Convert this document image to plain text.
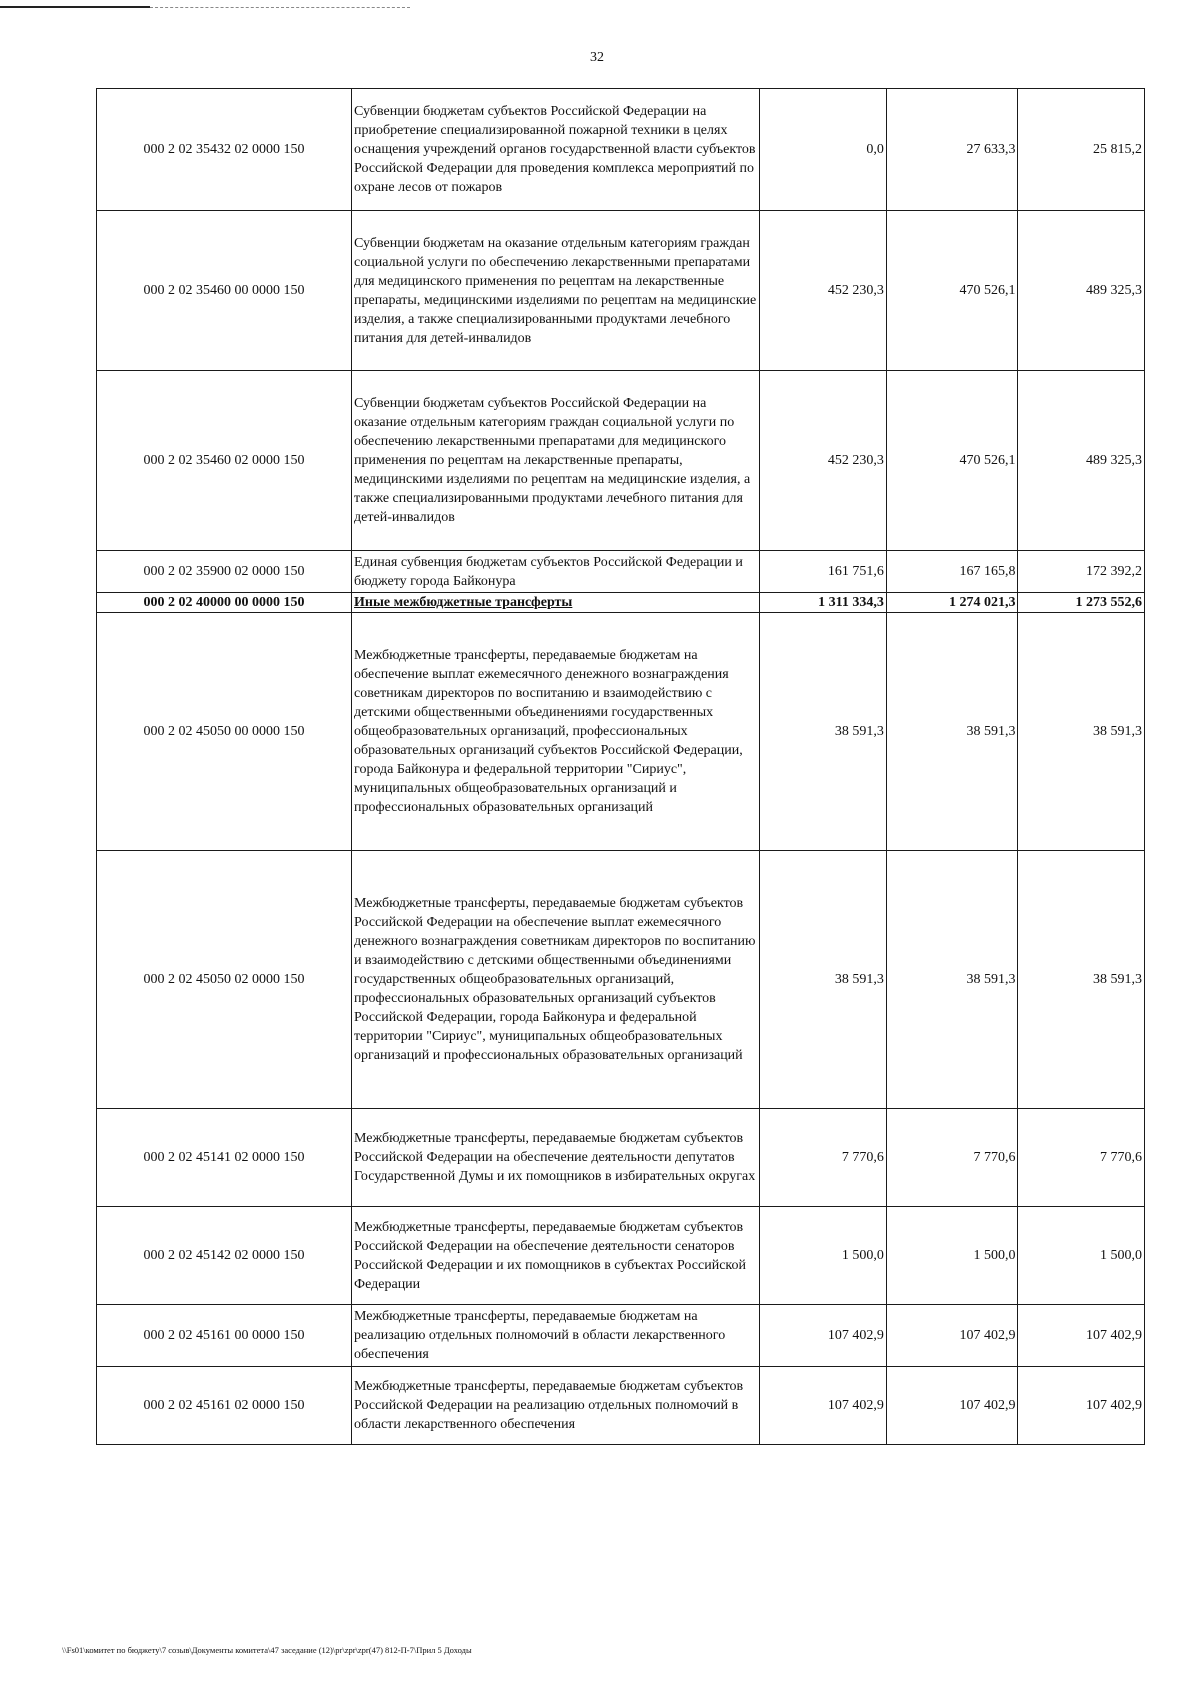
32
000 2 02 35432 02 0000 150	Субвенции бюджетам субъектов Российской Федерации на приобретение специализированной пожарной техники в целях оснащения учреждений органов государственной власти субъектов Российской Федерации для проведения комплекса мероприятий по охране лесов от пожаров	0,0	27 633,3	25 815,2
000 2 02 35460 00 0000 150	Субвенции бюджетам на оказание отдельным категориям граждан социальной услуги по обеспечению лекарственными препаратами для медицинского применения по рецептам на лекарственные препараты, медицинскими изделиями по рецептам на медицинские изделия, а также специализированными продуктами лечебного питания для детей-инвалидов	452 230,3	470 526,1	489 325,3
000 2 02 35460 02 0000 150	Субвенции бюджетам субъектов Российской Федерации на оказание отдельным категориям граждан социальной услуги по обеспечению лекарственными препаратами для медицинского применения по рецептам на лекарственные препараты, медицинскими изделиями по рецептам на медицинские изделия, а также специализированными продуктами лечебного питания для детей-инвалидов	452 230,3	470 526,1	489 325,3
000 2 02 35900 02 0000 150	Единая субвенция бюджетам субъектов Российской Федерации и бюджету города Байконура	161 751,6	167 165,8	172 392,2
000 2 02 40000 00 0000 150	Иные межбюджетные трансферты	1 311 334,3	1 274 021,3	1 273 552,6
000 2 02 45050 00 0000 150	Межбюджетные трансферты, передаваемые бюджетам на обеспечение выплат ежемесячного денежного вознаграждения советникам директоров по воспитанию и взаимодействию с детскими общественными объединениями государственных общеобразовательных организаций, профессиональных образовательных организаций субъектов Российской Федерации, города Байконура и федеральной территории "Сириус", муниципальных общеобразовательных организаций и профессиональных образовательных организаций	38 591,3	38 591,3	38 591,3
000 2 02 45050 02 0000 150	Межбюджетные трансферты, передаваемые бюджетам субъектов Российской Федерации на обеспечение выплат ежемесячного денежного вознаграждения советникам директоров по воспитанию и взаимодействию с детскими общественными объединениями государственных общеобразовательных организаций, профессиональных образовательных организаций субъектов Российской Федерации, города Байконура и федеральной территории "Сириус", муниципальных общеобразовательных организаций и профессиональных образовательных организаций	38 591,3	38 591,3	38 591,3
000 2 02 45141 02 0000 150	Межбюджетные трансферты, передаваемые бюджетам субъектов Российской Федерации на обеспечение деятельности депутатов Государственной Думы и их помощников в избирательных округах	7 770,6	7 770,6	7 770,6
000 2 02 45142 02 0000 150	Межбюджетные трансферты, передаваемые бюджетам субъектов Российской Федерации на обеспечение деятельности сенаторов Российской Федерации и их помощников в субъектах Российской Федерации	1 500,0	1 500,0	1 500,0
000 2 02 45161 00 0000 150	Межбюджетные трансферты, передаваемые бюджетам на реализацию отдельных полномочий в области лекарственного обеспечения	107 402,9	107 402,9	107 402,9
000 2 02 45161 02 0000 150	Межбюджетные трансферты, передаваемые бюджетам субъектов Российской Федерации на реализацию отдельных полномочий в области лекарственного обеспечения	107 402,9	107 402,9	107 402,9
\\Fs01\комитет по бюджету\7 созыв\Документы комитета\47 заседание (12)\pr\zpr\zpr(47) 812-П-7\Прил 5 Доходы
